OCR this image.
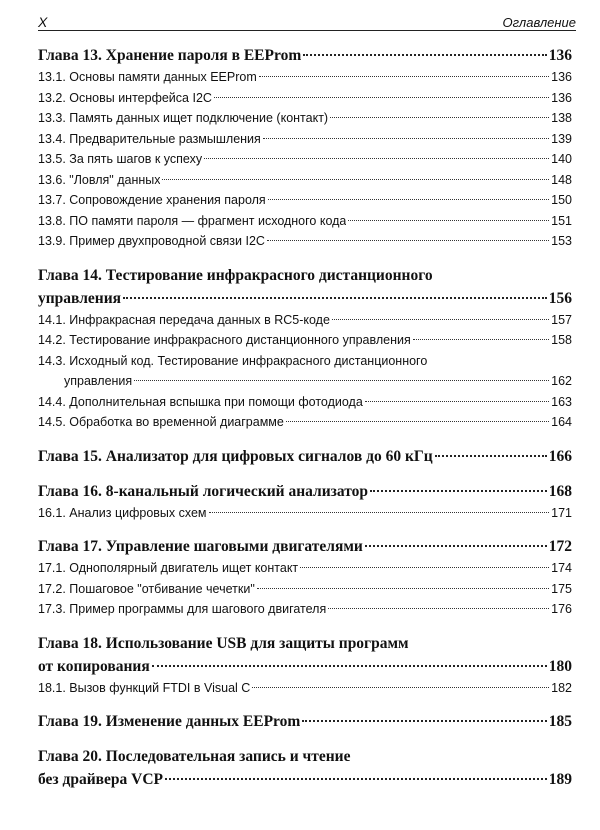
X	Оглавление
Глава 13. Хранение пароля в EEProm	136
13.1. Основы памяти данных EEProm	136
13.2. Основы интерфейса I2C	136
13.3. Память данных ищет подключение (контакт)	138
13.4. Предварительные размышления	139
13.5. За пять шагов к успеху	140
13.6. "Ловля" данных	148
13.7. Сопровождение хранения пароля	150
13.8. ПО памяти пароля — фрагмент исходного кода	151
13.9. Пример двухпроводной связи I2C	153
Глава 14. Тестирование инфракрасного дистанционного
управления	156
14.1. Инфракрасная передача данных в RC5-коде	157
14.2. Тестирование инфракрасного дистанционного управления	158
14.3. Исходный код. Тестирование инфракрасного дистанционного
управления	162
14.4. Дополнительная вспышка при помощи фотодиода	163
14.5. Обработка во временной диаграмме	164
Глава 15. Анализатор для цифровых сигналов до 60 кГц	166
Глава 16. 8-канальный логический анализатор	168
16.1. Анализ цифровых схем	171
Глава 17. Управление шаговыми двигателями	172
17.1. Однополярный двигатель ищет контакт	174
17.2. Пошаговое "отбивание чечетки"	175
17.3. Пример программы для шагового двигателя	176
Глава 18. Использование USB для защиты программ
от копирования	180
18.1. Вызов функций FTDI в Visual C	182
Глава 19. Изменение данных EEProm	185
Глава 20. Последовательная запись и чтение
без драйвера VCP	189
